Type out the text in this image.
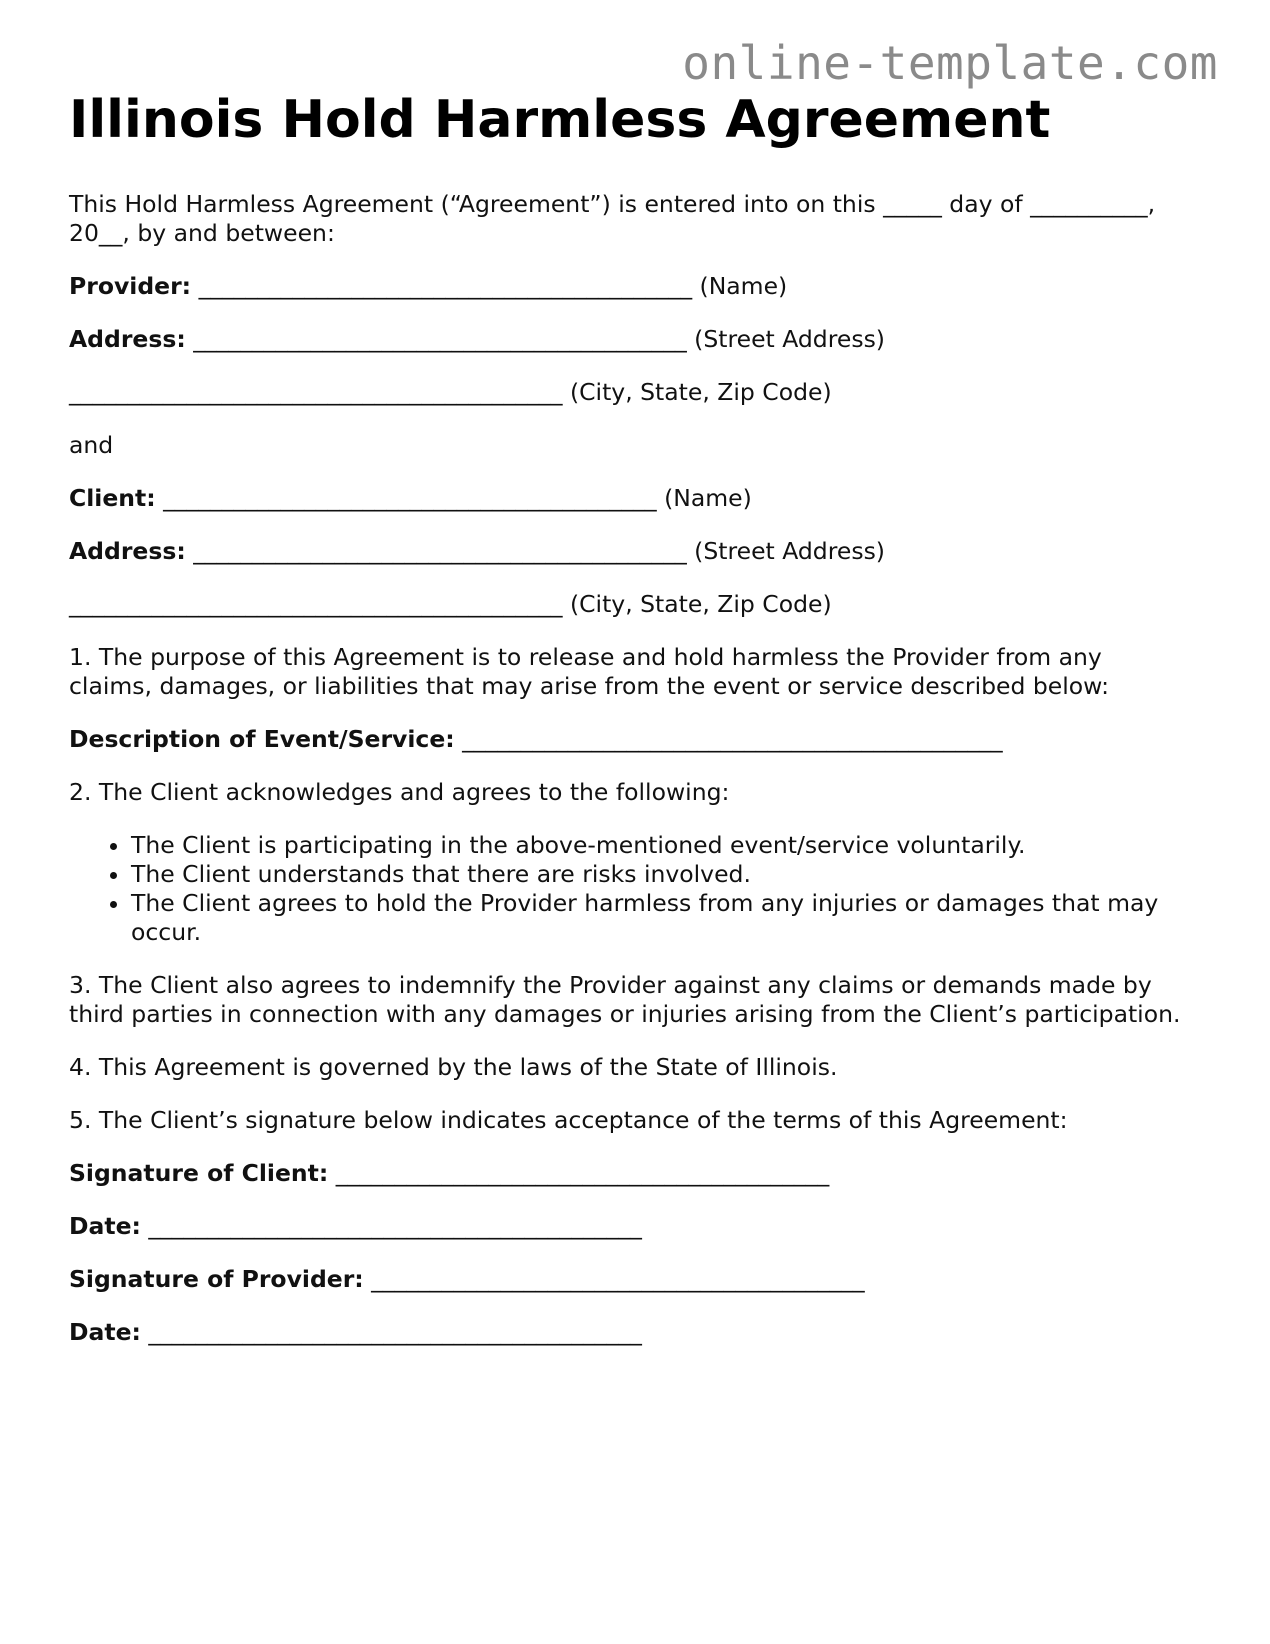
online-template.com
Illinois Hold Harmless Agreement

This Hold Harmless Agreement (“Agreement”) is entered into on this _____ day of __________, 20__, by and between:

Provider: __________________________________________ (Name)
Address: __________________________________________ (Street Address)
__________________________________________ (City, State, Zip Code)
and
Client: __________________________________________ (Name)
Address: __________________________________________ (Street Address)
__________________________________________ (City, State, Zip Code)

1. The purpose of this Agreement is to release and hold harmless the Provider from any claims, damages, or liabilities that may arise from the event or service described below:

Description of Event/Service: ______________________________________________

2. The Client acknowledges and agrees to the following:

• The Client is participating in the above-mentioned event/service voluntarily.
• The Client understands that there are risks involved.
• The Client agrees to hold the Provider harmless from any injuries or damages that may occur.

3. The Client also agrees to indemnify the Provider against any claims or demands made by third parties in connection with any damages or injuries arising from the Client’s participation.

4. This Agreement is governed by the laws of the State of Illinois.

5. The Client’s signature below indicates acceptance of the terms of this Agreement:

Signature of Client: __________________________________________
Date: __________________________________________
Signature of Provider: __________________________________________
Date: __________________________________________
